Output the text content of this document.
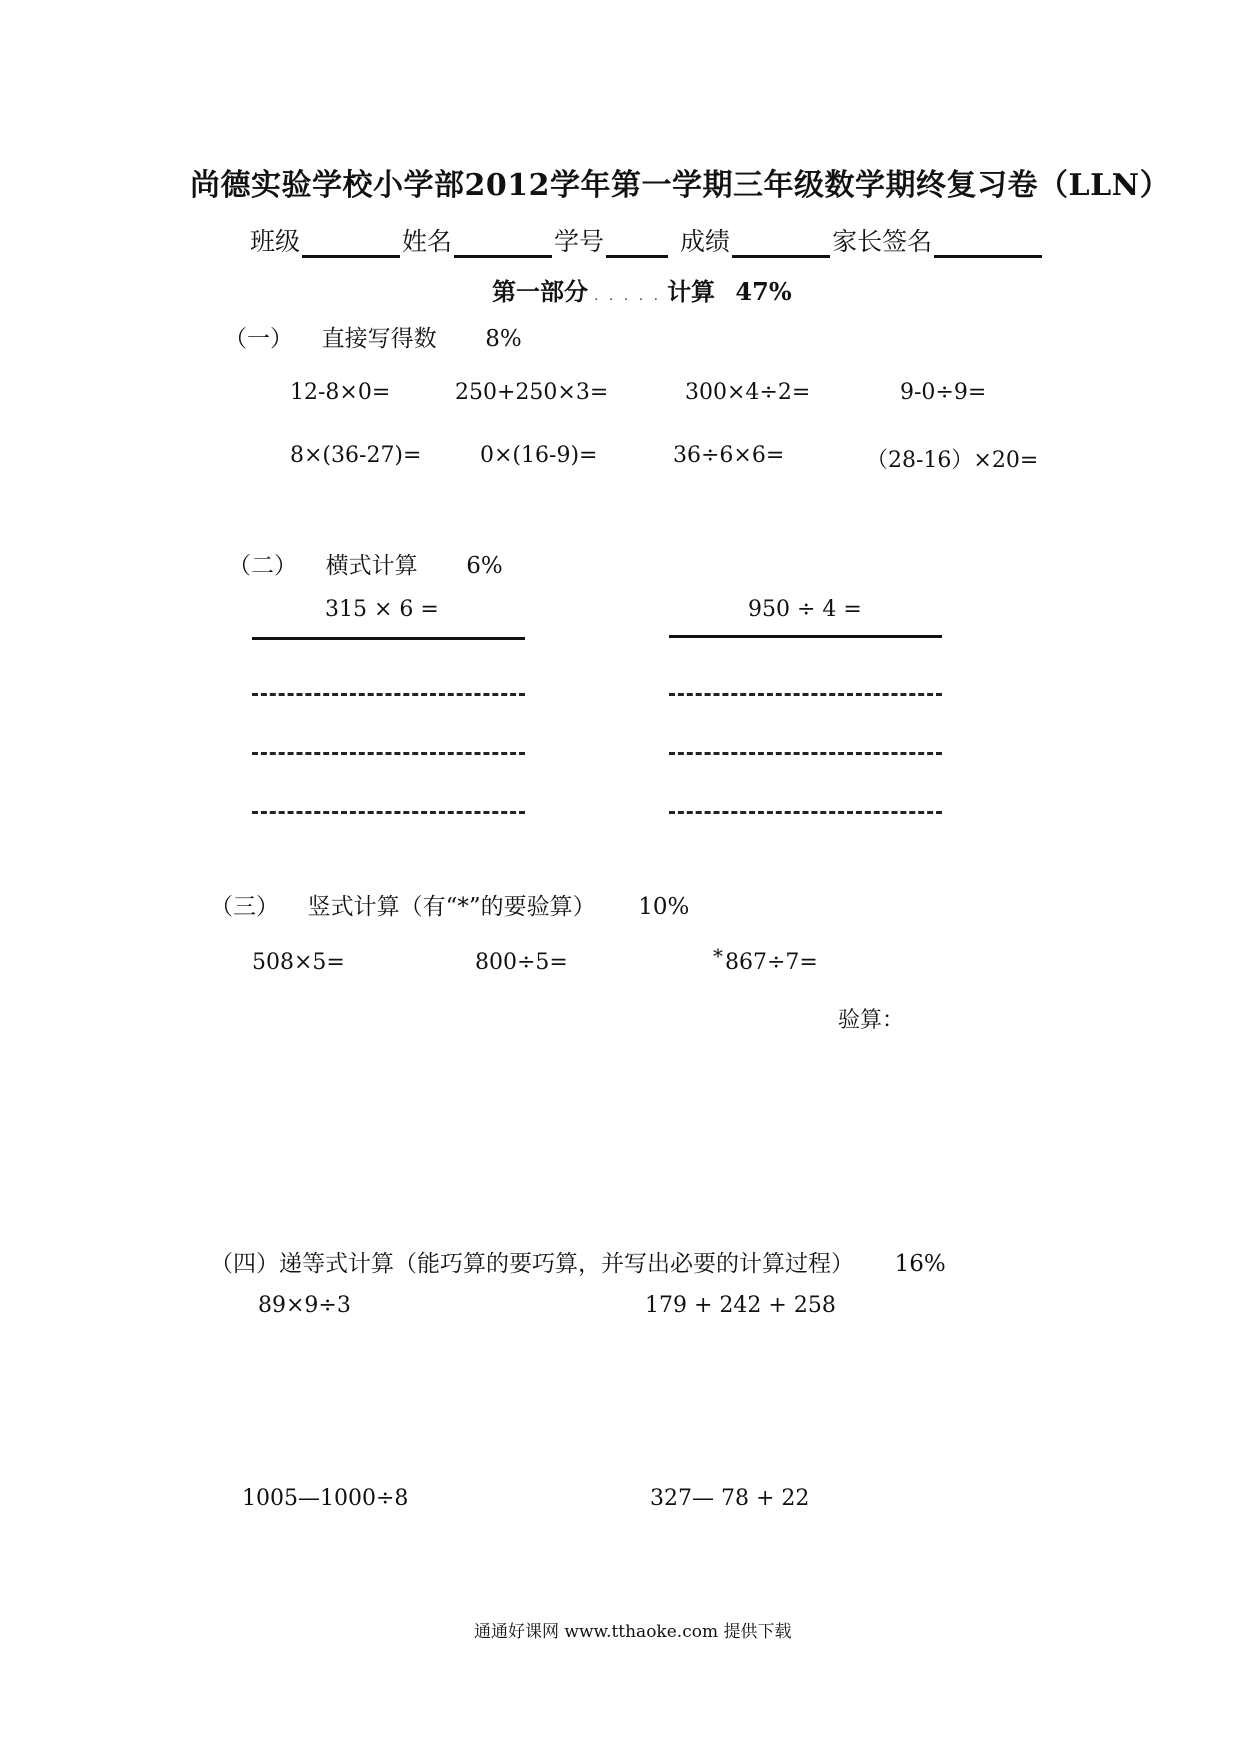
尚德实验学校小学部2012学年第一学期三年级数学期终复习卷（LLN）
班级	姓名	学号	成绩	家长签名
第一部分 . . . . . 计算 47%
（一） 直接写得数 8%
12-8×0=	250+250×3=	300×4÷2=	9-0÷9=
8×(36-27)=	0×(16-9)=	36÷6×6=	（28-16）×20=
（二） 横式计算 6%
315 × 6 =	950 ÷ 4 =
（三） 竖式计算（有“*”的要验算） 10%
508×5=	800÷5=	* 867÷7=
验算：
（四）递等式计算（能巧算的要巧算，并写出必要的计算过程） 16%
89×9÷3	179 + 242 + 258
1005—1000÷8	327— 78 + 22
通通好课网 www.tthaoke.com 提供下载
